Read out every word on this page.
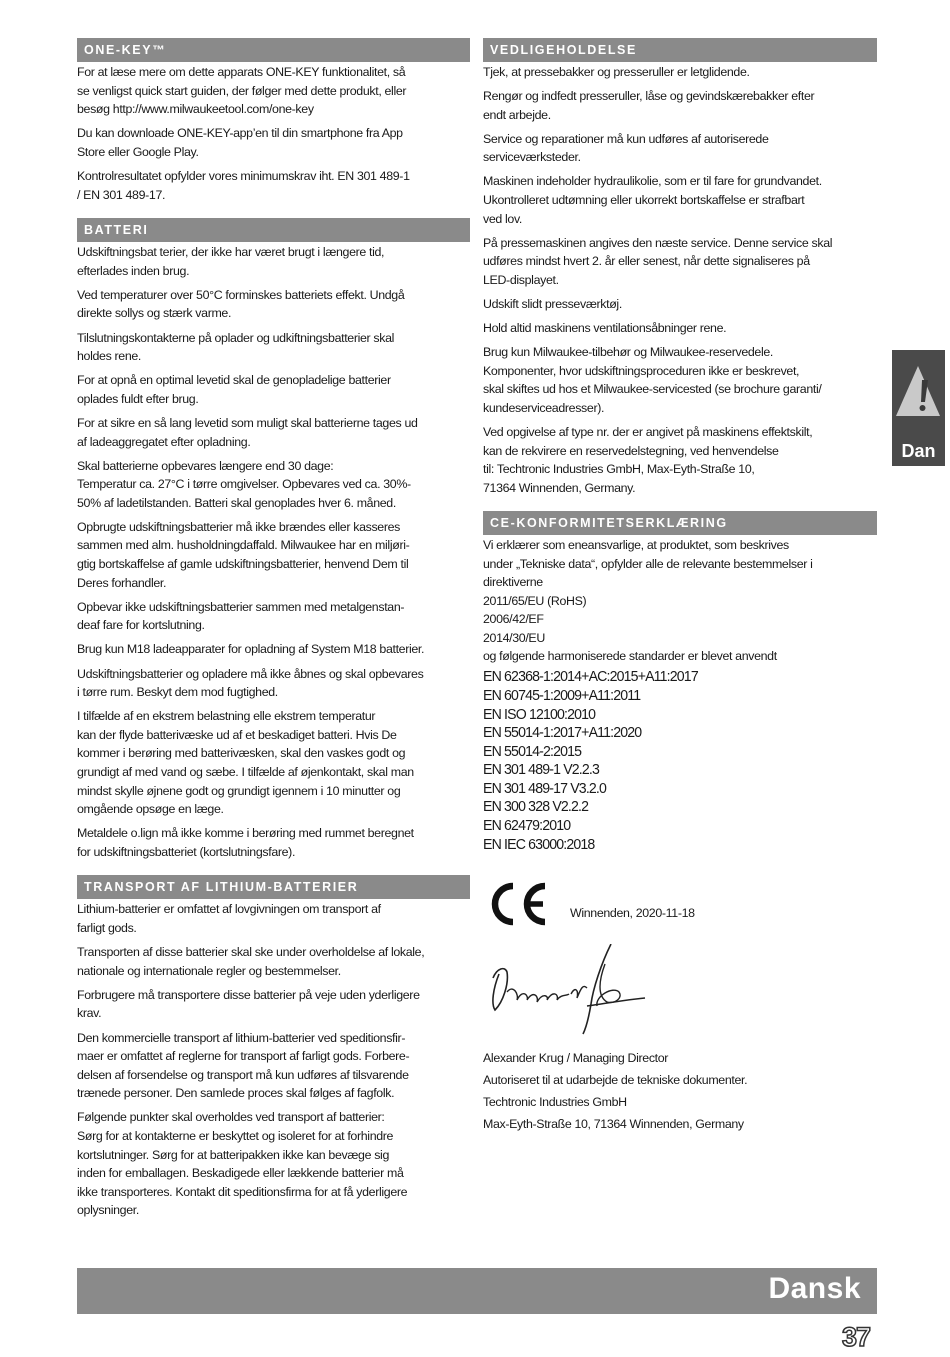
ONE-KEY™

For at læse mere om dette apparats ONE-KEY funktionalitet, så
se venligst quick start guiden, der følger med dette produkt, eller
besøg http://www.milwaukeetool.com/one-key

Du kan downloade ONE-KEY-app’en til din smartphone fra App
Store eller Google Play.

Kontrolresultatet opfylder vores minimumskrav iht. EN 301 489-1
/ EN 301 489-17.

BATTERI

Udskiftningsbat terier, der ikke har været brugt i længere tid,
efterlades inden brug.

Ved temperaturer over 50°C forminskes batteriets effekt. Undgå
direkte sollys og stærk varme.

Tilslutningskontakterne på oplader og udkiftningsbatterier skal
holdes rene.

For at opnå en optimal levetid skal de genopladelige batterier
oplades fuldt efter brug.

For at sikre en så lang levetid som muligt skal batterierne tages ud
af ladeaggregatet efter opladning.

Skal batterierne opbevares længere end 30 dage:
Temperatur ca. 27°C i tørre omgivelser. Opbevares ved ca. 30%-
50% af ladetilstanden. Batteri skal genoplades hver 6. måned.

Opbrugte udskiftningsbatterier må ikke brændes eller kasseres
sammen med alm. husholdningdaffald. Milwaukee har en miljøri-
gtig bortskaffelse af gamle udskiftningsbatterier, henvend Dem til
Deres forhandler.

Opbevar ikke udskiftningsbatterier sammen med metalgenstan-
deaf fare for kortslutning.

Brug kun M18 ladeapparater for opladning af System M18 batterier.

Udskiftningsbatterier og opladere må ikke åbnes og skal opbevares
i tørre rum. Beskyt dem mod fugtighed.

I tilfælde af en ekstrem belastning elle ekstrem temperatur
kan der flyde batterivæske ud af et beskadiget batteri. Hvis De
kommer i berøring med batterivæsken, skal den vaskes godt og
grundigt af med vand og sæbe. I tilfælde af øjenkontakt, skal man
mindst skylle øjnene godt og grundigt igennem i 10 minutter og
omgående opsøge en læge.

Metaldele o.lign må ikke komme i berøring med rummet beregnet
for udskiftningsbatteriet (kortslutningsfare).

TRANSPORT AF LITHIUM-BATTERIER

Lithium-batterier er omfattet af lovgivningen om transport af
farligt gods.

Transporten af disse batterier skal ske under overholdelse af lokale,
nationale og internationale regler og bestemmelser.

Forbrugere må transportere disse batterier på veje uden yderligere
krav.

Den kommercielle transport af lithium-batterier ved speditionsfir-
maer er omfattet af reglerne for transport af farligt gods. Forbere-
delsen af forsendelse og transport må kun udføres af tilsvarende
trænede personer. Den samlede proces skal følges af fagfolk.

Følgende punkter skal overholdes ved transport af batterier:
Sørg for at kontakterne er beskyttet og isoleret for at forhindre
kortslutninger. Sørg for at batteripakken ikke kan bevæge sig
inden for emballagen. Beskadigede eller lækkende batterier må
ikke transporteres. Kontakt dit speditionsfirma for at få yderligere
oplysninger.

VEDLIGEHOLDELSE

Tjek, at pressebakker og presseruller er letglidende.

Rengør og indfedt presseruller, låse og gevindskærebakker efter
endt arbejde.

Service og reparationer må kun udføres af autoriserede
serviceværksteder.

Maskinen indeholder hydraulikolie, som er til fare for grundvandet.
Ukontrolleret udtømning eller ukorrekt bortskaffelse er strafbart
ved lov.

På pressemaskinen angives den næste service. Denne service skal
udføres mindst hvert 2. år eller senest, når dette signaliseres på
LED-displayet.

Udskift slidt presseværktøj.

Hold altid maskinens ventilationsåbninger rene.

Brug kun Milwaukee-tilbehør og Milwaukee-reservedele.
Komponenter, hvor udskiftningsproceduren ikke er beskrevet,
skal skiftes ud hos et Milwaukee-servicested (se brochure garanti/
kundeserviceadresser).

Ved opgivelse af type nr. der er angivet på maskinens effektskilt,
kan de rekvirere en reservedelstegning, ved henvendelse
til: Techtronic Industries GmbH, Max-Eyth-Straße 10,
71364 Winnenden, Germany.

CE-KONFORMITETSERKLÆRING
Vi erklærer som eneansvarlige, at produktet, som beskrives
under „Tekniske data“, opfylder alle de relevante bestemmelser i
direktiverne
2011/65/EU (RoHS)
2006/42/EF
2014/30/EU
og følgende harmoniserede standarder er blevet anvendt
EN 62368-1:2014+AC:2015+A11:2017
EN 60745-1:2009+A11:2011
EN ISO 12100:2010
EN 55014-1:2017+A11:2020
EN 55014-2:2015
EN 301 489-1 V2.2.3
EN 301 489-17 V3.2.0
EN 300 328 V2.2.2
EN 62479:2010
EN IEC 63000:2018
Winnenden, 2020-11-18
Alexander Krug / Managing Director
Autoriseret til at udarbejde de tekniske dokumenter.
Techtronic Industries GmbH
Max-Eyth-Straße 10, 71364 Winnenden, Germany
Dan
Dansk
37
